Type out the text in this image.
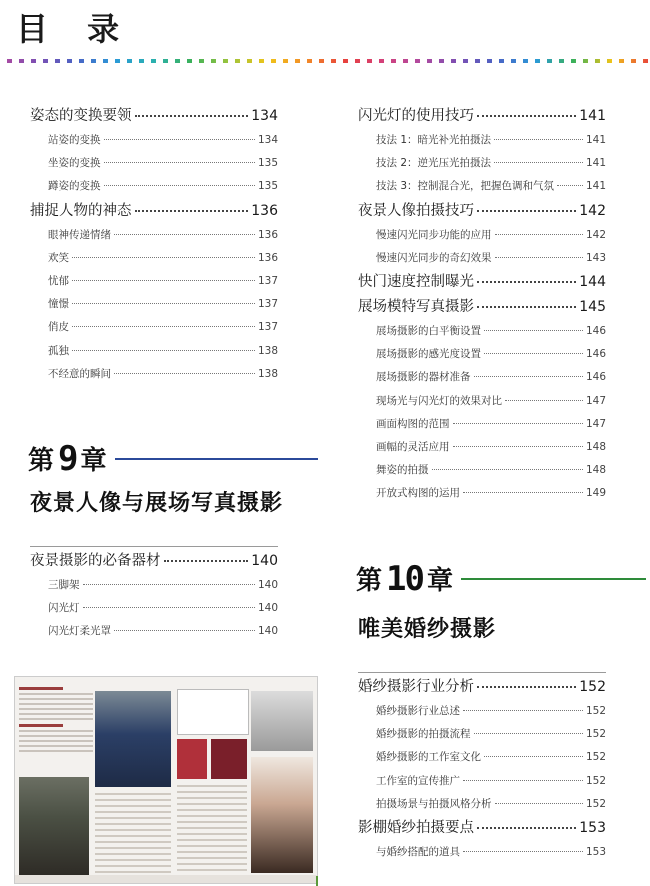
目 录
姿态的变换要领	134
站姿的变换	134
坐姿的变换	135
蹲姿的变换	135
捕捉人物的神态	136
眼神传递情绪	136
欢笑	136
忧郁	137
憧憬	137
俏皮	137
孤独	138
不经意的瞬间	138
第 9 章
夜景人像与展场写真摄影
夜景摄影的必备器材	140
三脚架	140
闪光灯	140
闪光灯柔光罩	140
闪光灯的使用技巧	141
技法 1：暗光补光拍摄法	141
技法 2：逆光压光拍摄法	141
技法 3：控制混合光，把握色调和气氛	141
夜景人像拍摄技巧	142
慢速闪光同步功能的应用	142
慢速闪光同步的奇幻效果	143
快门速度控制曝光	144
展场模特写真摄影	145
展场摄影的白平衡设置	146
展场摄影的感光度设置	146
展场摄影的器材准备	146
现场光与闪光灯的效果对比	147
画面构图的范围	147
画幅的灵活应用	148
舞姿的拍摄	148
开放式构图的运用	149
第 10 章
唯美婚纱摄影
婚纱摄影行业分析	152
婚纱摄影行业总述	152
婚纱摄影的拍摄流程	152
婚纱摄影的工作室文化	152
工作室的宣传推广	152
拍摄场景与拍摄风格分析	152
影棚婚纱拍摄要点	153
与婚纱搭配的道具	153
